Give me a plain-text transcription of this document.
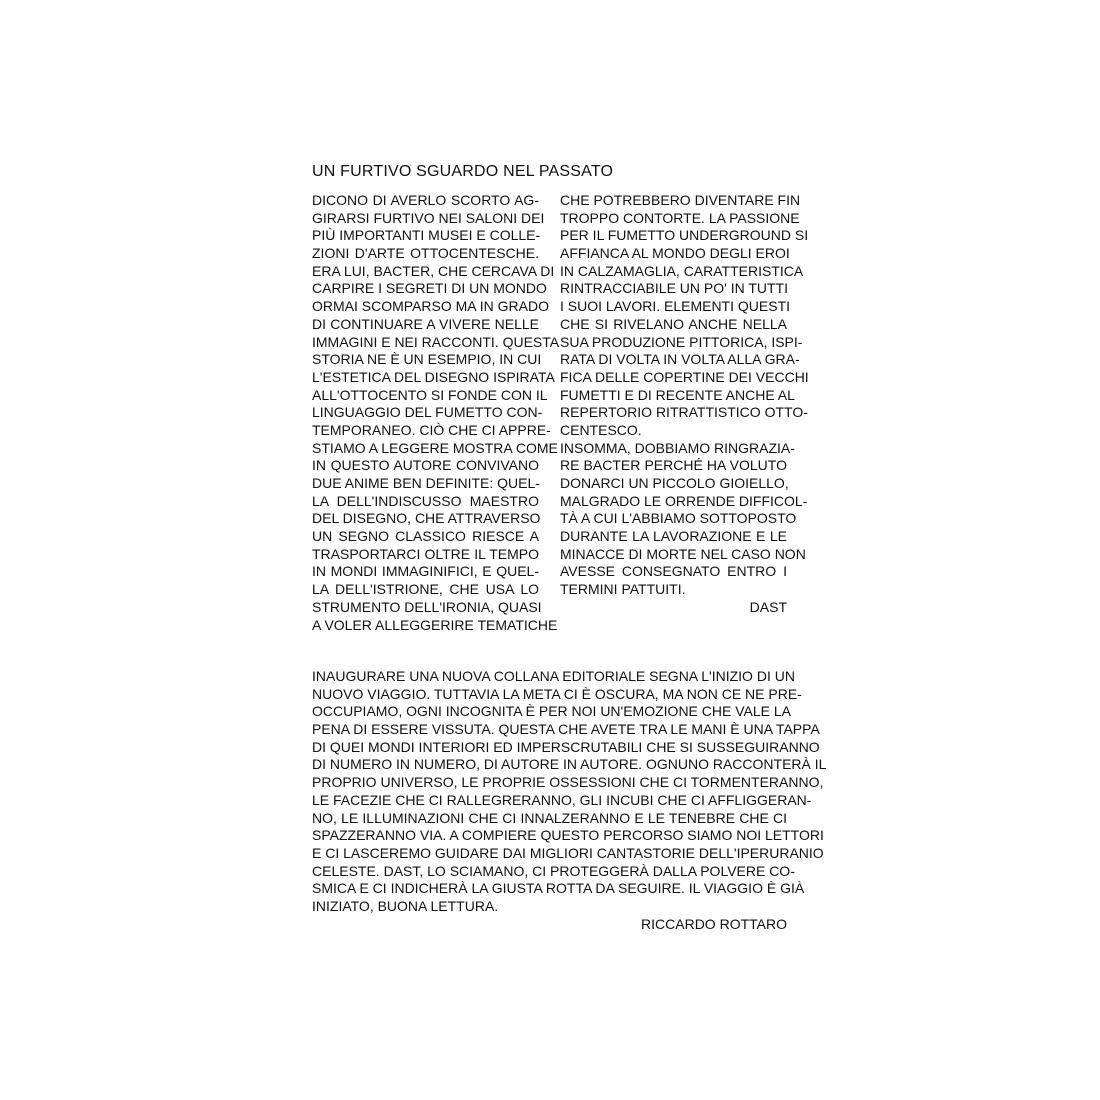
UN FURTIVO SGUARDO NEL PASSATO
DICONO DI AVERLO SCORTO AG-
GIRARSI FURTIVO NEI SALONI DEI
PIÙ IMPORTANTI MUSEI E COLLE-
ZIONI D'ARTE OTTOCENTESCHE.
ERA LUI, BACTER, CHE CERCAVA DI
CARPIRE I SEGRETI DI UN MONDO
ORMAI SCOMPARSO MA IN GRADO
DI CONTINUARE A VIVERE NELLE
IMMAGINI E NEI RACCONTI. QUESTA
STORIA NE È UN ESEMPIO, IN CUI
L'ESTETICA DEL DISEGNO ISPIRATA
ALL'OTTOCENTO SI FONDE CON IL
LINGUAGGIO DEL FUMETTO CON-
TEMPORANEO. CIÒ CHE CI APPRE-
STIAMO A LEGGERE MOSTRA COME
IN QUESTO AUTORE CONVIVANO
DUE ANIME BEN DEFINITE: QUEL-
LA DELL'INDISCUSSO MAESTRO
DEL DISEGNO, CHE ATTRAVERSO
UN SEGNO CLASSICO RIESCE A
TRASPORTARCI OLTRE IL TEMPO
IN MONDI IMMAGINIFICI, E QUEL-
LA DELL'ISTRIONE, CHE USA LO
STRUMENTO DELL'IRONIA, QUASI
A VOLER ALLEGGERIRE TEMATICHE
CHE POTREBBERO DIVENTARE FIN
TROPPO CONTORTE. LA PASSIONE
PER IL FUMETTO UNDERGROUND SI
AFFIANCA AL MONDO DEGLI EROI
IN CALZAMAGLIA, CARATTERISTICA
RINTRACCIABILE UN PO' IN TUTTI
I SUOI LAVORI. ELEMENTI QUESTI
CHE SI RIVELANO ANCHE NELLA
SUA PRODUZIONE PITTORICA, ISPI-
RATA DI VOLTA IN VOLTA ALLA GRA-
FICA DELLE COPERTINE DEI VECCHI
FUMETTI E DI RECENTE ANCHE AL
REPERTORIO RITRATTISTICO OTTO-
CENTESCO.
INSOMMA, DOBBIAMO RINGRAZIA-
RE BACTER PERCHÉ HA VOLUTO
DONARCI UN PICCOLO GIOIELLO,
MALGRADO LE ORRENDE DIFFICOL-
TÀ A CUI L'ABBIAMO SOTTOPOSTO
DURANTE LA LAVORAZIONE E LE
MINACCE DI MORTE NEL CASO NON
AVESSE CONSEGNATO ENTRO I
TERMINI PATTUITI.
DAST
INAUGURARE UNA NUOVA COLLANA EDITORIALE SEGNA L'INIZIO DI UN
NUOVO VIAGGIO. TUTTAVIA LA META CI È OSCURA, MA NON CE NE PRE-
OCCUPIAMO, OGNI INCOGNITA È PER NOI UN'EMOZIONE CHE VALE LA
PENA DI ESSERE VISSUTA. QUESTA CHE AVETE TRA LE MANI È UNA TAPPA
DI QUEI MONDI INTERIORI ED IMPERSCRUTABILI CHE SI SUSSEGUIRANNO
DI NUMERO IN NUMERO, DI AUTORE IN AUTORE. OGNUNO RACCONTERÀ IL
PROPRIO UNIVERSO, LE PROPRIE OSSESSIONI CHE CI TORMENTERANNO,
LE FACEZIE CHE CI RALLEGRERANNO, GLI INCUBI CHE CI AFFLIGGERAN-
NO, LE ILLUMINAZIONI CHE CI INNALZERANNO E LE TENEBRE CHE CI
SPAZZERANNO VIA. A COMPIERE QUESTO PERCORSO SIAMO NOI LETTORI
E CI LASCEREMO GUIDARE DAI MIGLIORI CANTASTORIE DELL'IPERURANIO
CELESTE. DAST, LO SCIAMANO, CI PROTEGGERÀ DALLA POLVERE CO-
SMICA E CI INDICHERÀ LA GIUSTA ROTTA DA SEGUIRE. IL VIAGGIO È GIÀ
INIZIATO, BUONA LETTURA.
RICCARDO ROTTARO
